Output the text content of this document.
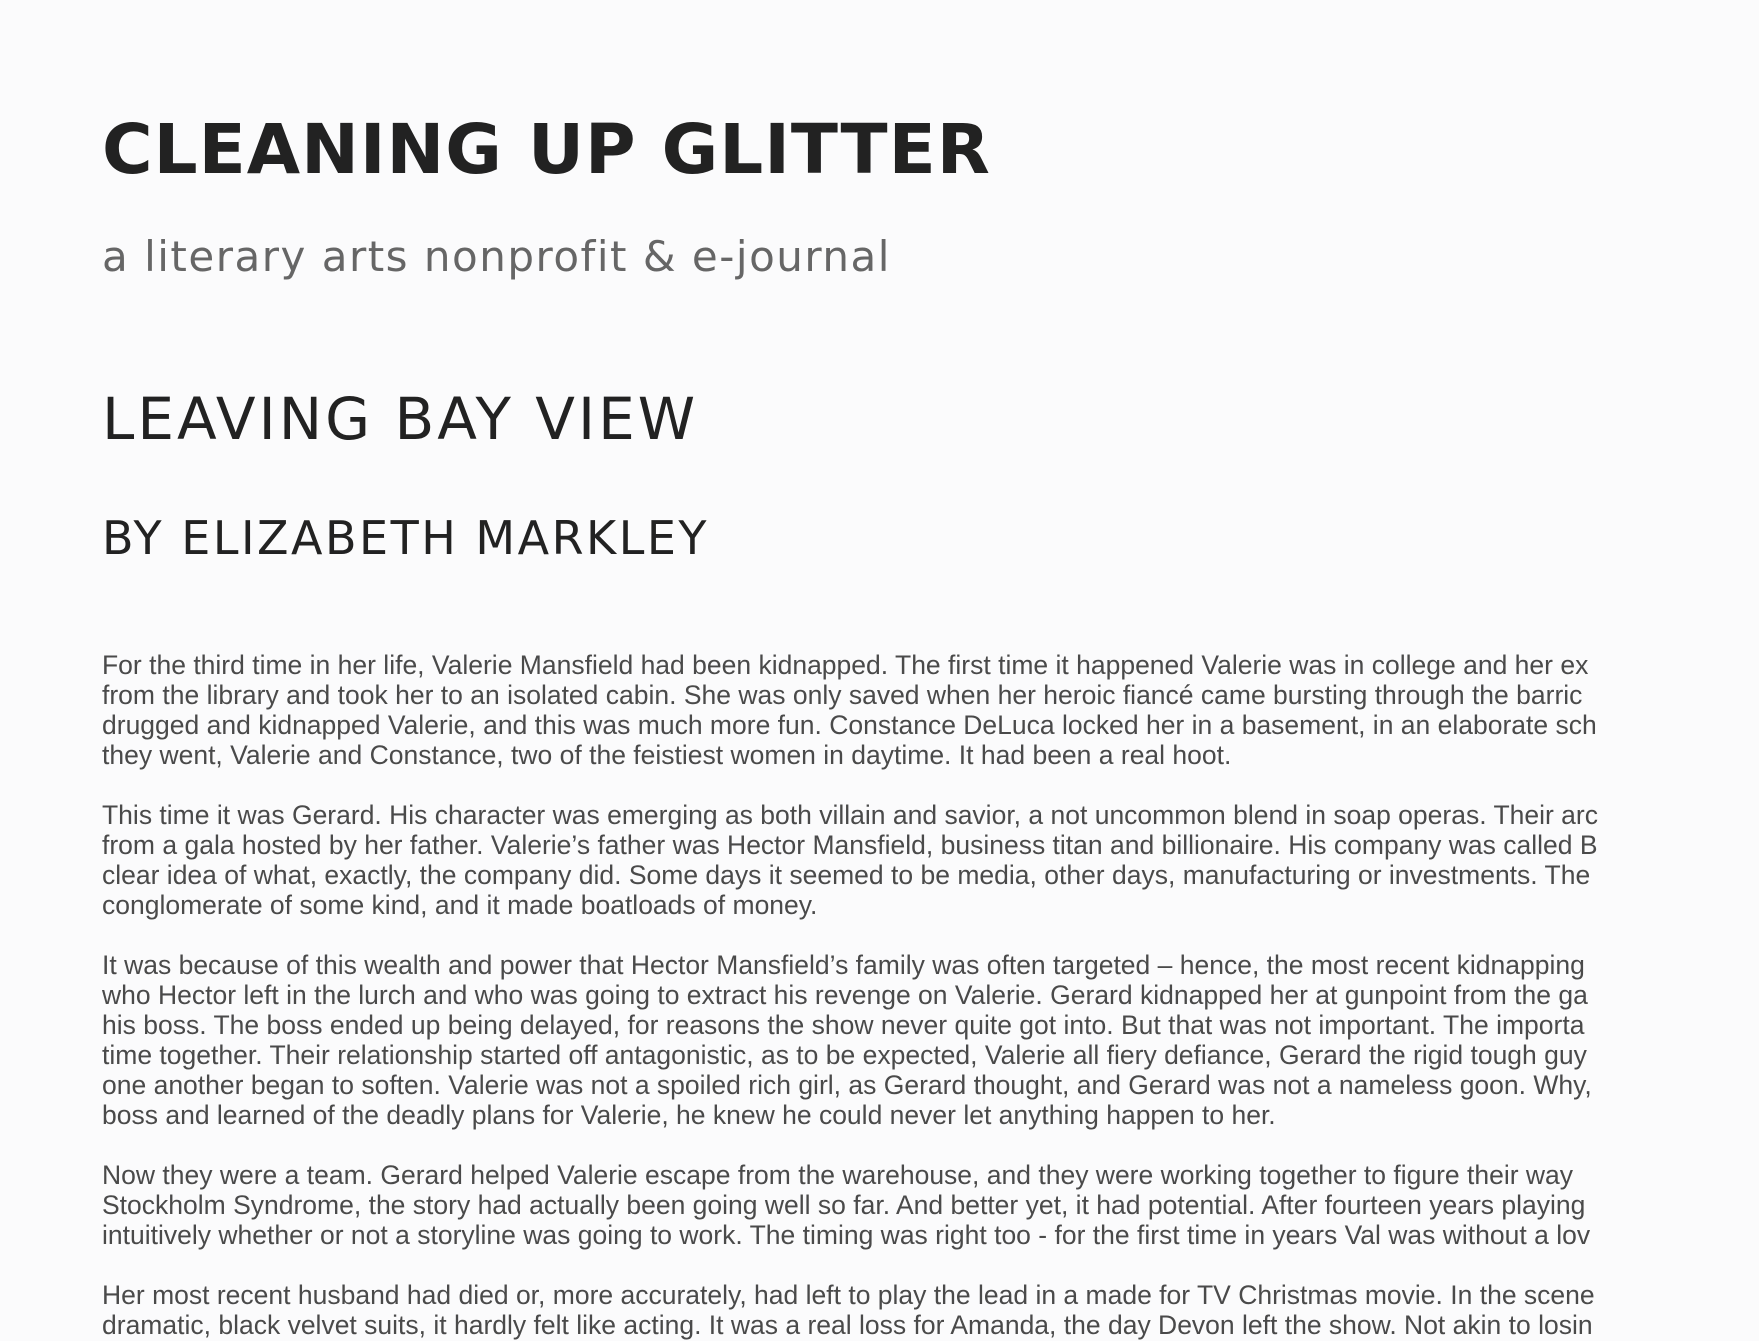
CLEANING UP GLITTER
a literary arts nonprofit & e-journal
LEAVING BAY VIEW
BY ELIZABETH MARKLEY

For the third time in her life, Valerie Mansfield had been kidnapped. The first time it happened Valerie was in college and her ex
from the library and took her to an isolated cabin. She was only saved when her heroic fiancé came bursting through the barric
drugged and kidnapped Valerie, and this was much more fun. Constance DeLuca locked her in a basement, in an elaborate sch
they went, Valerie and Constance, two of the feistiest women in daytime. It had been a real hoot.

This time it was Gerard. His character was emerging as both villain and savior, a not uncommon blend in soap operas. Their arc
from a gala hosted by her father. Valerie’s father was Hector Mansfield, business titan and billionaire. His company was called B
clear idea of what, exactly, the company did. Some days it seemed to be media, other days, manufacturing or investments. The
conglomerate of some kind, and it made boatloads of money.

It was because of this wealth and power that Hector Mansfield’s family was often targeted – hence, the most recent kidnapping
who Hector left in the lurch and who was going to extract his revenge on Valerie. Gerard kidnapped her at gunpoint from the ga
his boss. The boss ended up being delayed, for reasons the show never quite got into. But that was not important. The importa
time together. Their relationship started off antagonistic, as to be expected, Valerie all fiery defiance, Gerard the rigid tough guy
one another began to soften. Valerie was not a spoiled rich girl, as Gerard thought, and Gerard was not a nameless goon. Why,
boss and learned of the deadly plans for Valerie, he knew he could never let anything happen to her.

Now they were a team. Gerard helped Valerie escape from the warehouse, and they were working together to figure their way
Stockholm Syndrome, the story had actually been going well so far. And better yet, it had potential. After fourteen years playing
intuitively whether or not a storyline was going to work. The timing was right too - for the first time in years Val was without a lov

Her most recent husband had died or, more accurately, had left to play the lead in a made for TV Christmas movie. In the scene
dramatic, black velvet suits, it hardly felt like acting. It was a real loss for Amanda, the day Devon left the show. Not akin to losin
